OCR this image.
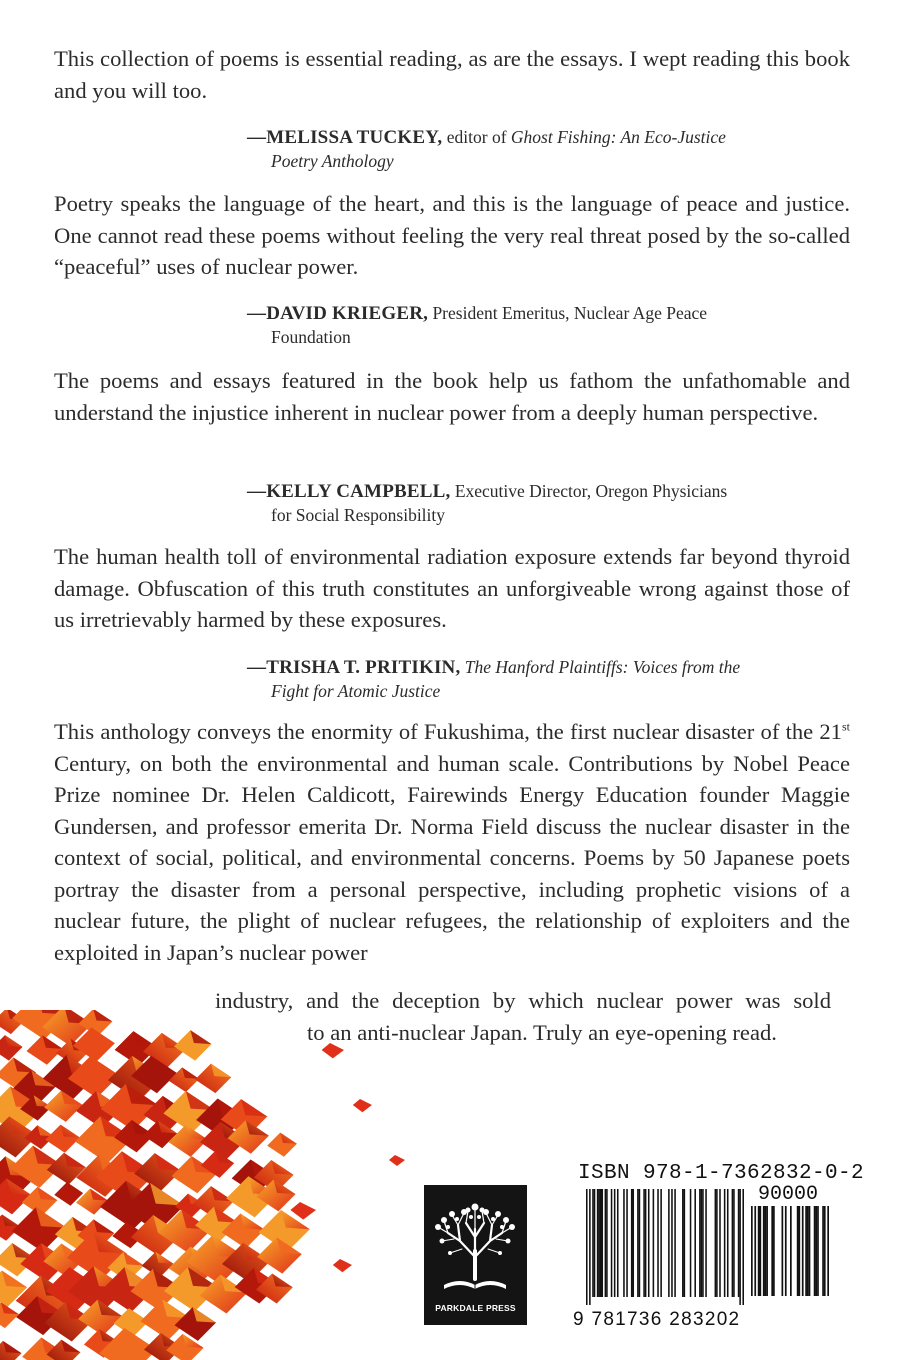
This collection of poems is essential reading, as are the essays. I wept reading this book and you will too.

—MELISSA TUCKEY, editor of Ghost Fishing: An Eco-Justice
Poetry Anthology

Poetry speaks the language of the heart, and this is the language of peace and justice. One cannot read these poems without feeling the very real threat posed by the so-called “peaceful” uses of nuclear power.

—DAVID KRIEGER, President Emeritus, Nuclear Age Peace
Foundation

The poems and essays featured in the book help us fathom the unfathomable and understand the injustice inherent in nuclear power from a deeply human perspective.

—KELLY CAMPBELL, Executive Director, Oregon Physicians
for Social Responsibility

The human health toll of environmental radiation exposure extends far beyond thyroid damage. Obfuscation of this truth constitutes an unforgiveable wrong against those of us irretrievably harmed by these exposures.

—TRISHA T. PRITIKIN, The Hanford Plaintiffs: Voices from the
Fight for Atomic Justice

This anthology conveys the enormity of Fukushima, the first nuclear disaster of the 21st Century, on both the environmental and human scale. Contributions by Nobel Peace Prize nominee Dr. Helen Caldicott, Fairewinds Energy Education founder Maggie Gundersen, and professor emerita Dr. Norma Field discuss the nuclear disaster in the context of social, political, and environmental concerns. Poems by 50 Japanese poets portray the disaster from a personal perspective, including prophetic visions of a nuclear future, the plight of nuclear refugees, the relationship of exploiters and the exploited in Japan’s nuclear power

industry, and the deception by which nuclear power was sold

to an anti-nuclear Japan. Truly an eye-opening read.

PARKDALE PRESS
ISBN 978-1-7362832-0-2
90000
9 781736 283202
